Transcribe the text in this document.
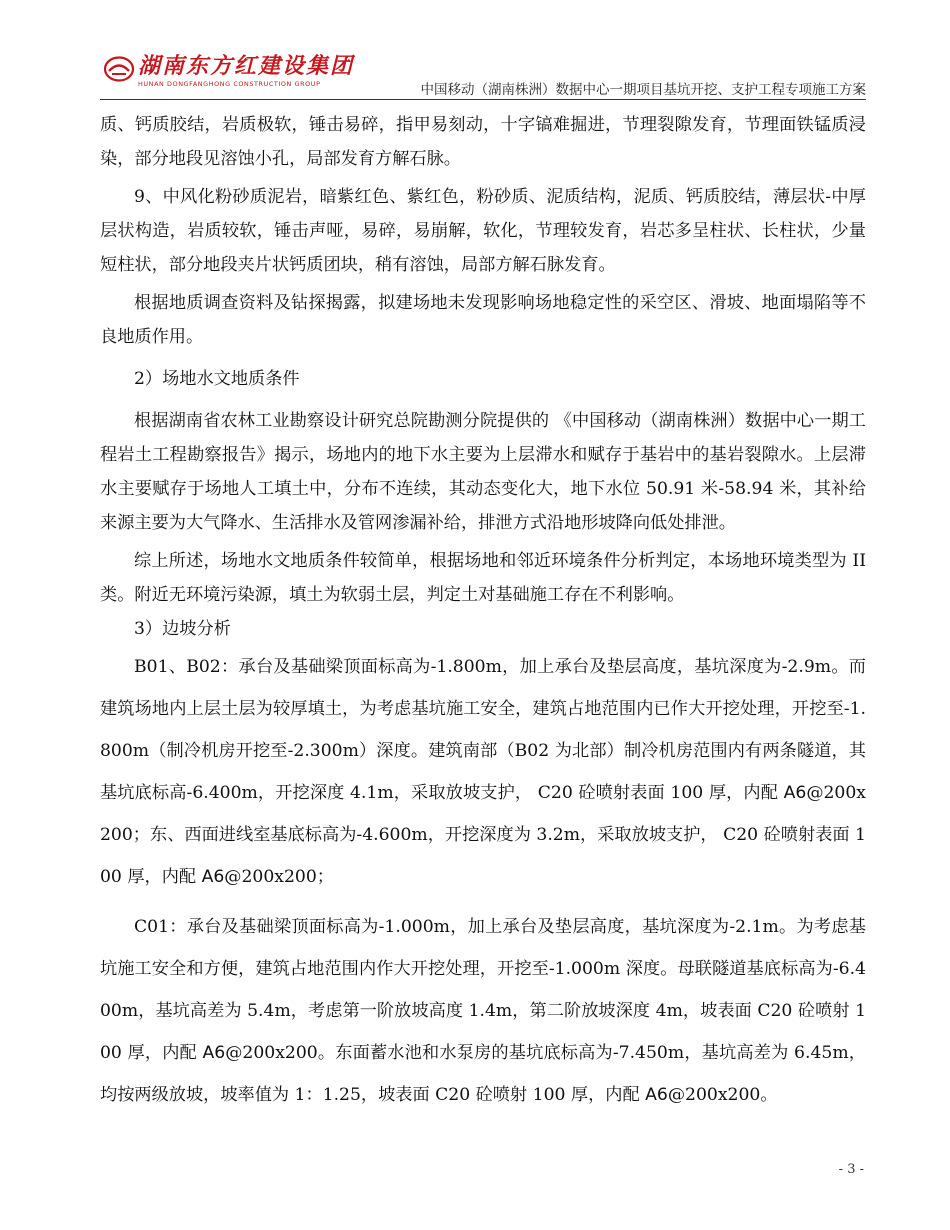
湖南东方红建设集团
HUNAN DONGFANGHONG CONSTRUCTION GROUP	中国移动（湖南株洲）数据中心一期项目基坑开挖、支护工程专项施工方案

质、钙质胶结，岩质极软，锤击易碎，指甲易刻动，十字镐难掘进，节理裂隙发育，节理面铁锰质浸染，部分地段见溶蚀小孔，局部发育方解石脉。

9、中风化粉砂质泥岩，暗紫红色、紫红色，粉砂质、泥质结构，泥质、钙质胶结，薄层状-中厚层状构造，岩质较软，锤击声哑，易碎，易崩解，软化，节理较发育，岩芯多呈柱状、长柱状，少量短柱状，部分地段夹片状钙质团块，稍有溶蚀，局部方解石脉发育。

根据地质调查资料及钻探揭露，拟建场地未发现影响场地稳定性的采空区、滑坡、地面塌陷等不良地质作用。

2）场地水文地质条件

根据湖南省农林工业勘察设计研究总院勘测分院提供的 《中国移动（湖南株洲）数据中心一期工程岩土工程勘察报告》揭示，场地内的地下水主要为上层滞水和赋存于基岩中的基岩裂隙水。上层滞水主要赋存于场地人工填土中，分布不连续，其动态变化大，地下水位 50.91 米-58.94 米，其补给来源主要为大气降水、生活排水及管网渗漏补给，排泄方式沿地形坡降向低处排泄。

综上所述，场地水文地质条件较简单，根据场地和邻近环境条件分析判定，本场地环境类型为 II 类。附近无环境污染源，填土为软弱土层，判定土对基础施工存在不利影响。

3）边坡分析

B01、B02：承台及基础梁顶面标高为-1.800m，加上承台及垫层高度，基坑深度为-2.9m。而建筑场地内上层土层为较厚填土，为考虑基坑施工安全，建筑占地范围内已作大开挖处理，开挖至-1.800m（制冷机房开挖至-2.300m）深度。建筑南部（B02 为北部）制冷机房范围内有两条隧道，其基坑底标高-6.400m，开挖深度 4.1m，采取放坡支护， C20 砼喷射表面 100 厚，内配 A6@200x200；东、西面进线室基底标高为-4.600m，开挖深度为 3.2m，采取放坡支护， C20 砼喷射表面 100 厚，内配 A6@200x200；

C01：承台及基础梁顶面标高为-1.000m，加上承台及垫层高度，基坑深度为-2.1m。为考虑基坑施工安全和方便，建筑占地范围内作大开挖处理，开挖至-1.000m 深度。母联隧道基底标高为-6.400m，基坑高差为 5.4m，考虑第一阶放坡高度 1.4m，第二阶放坡深度 4m，坡表面 C20 砼喷射 100 厚，内配 A6@200x200。东面蓄水池和水泵房的基坑底标高为-7.450m，基坑高差为 6.45m，均按两级放坡，坡率值为 1：1.25，坡表面 C20 砼喷射 100 厚，内配 A6@200x200。

- 3 -
